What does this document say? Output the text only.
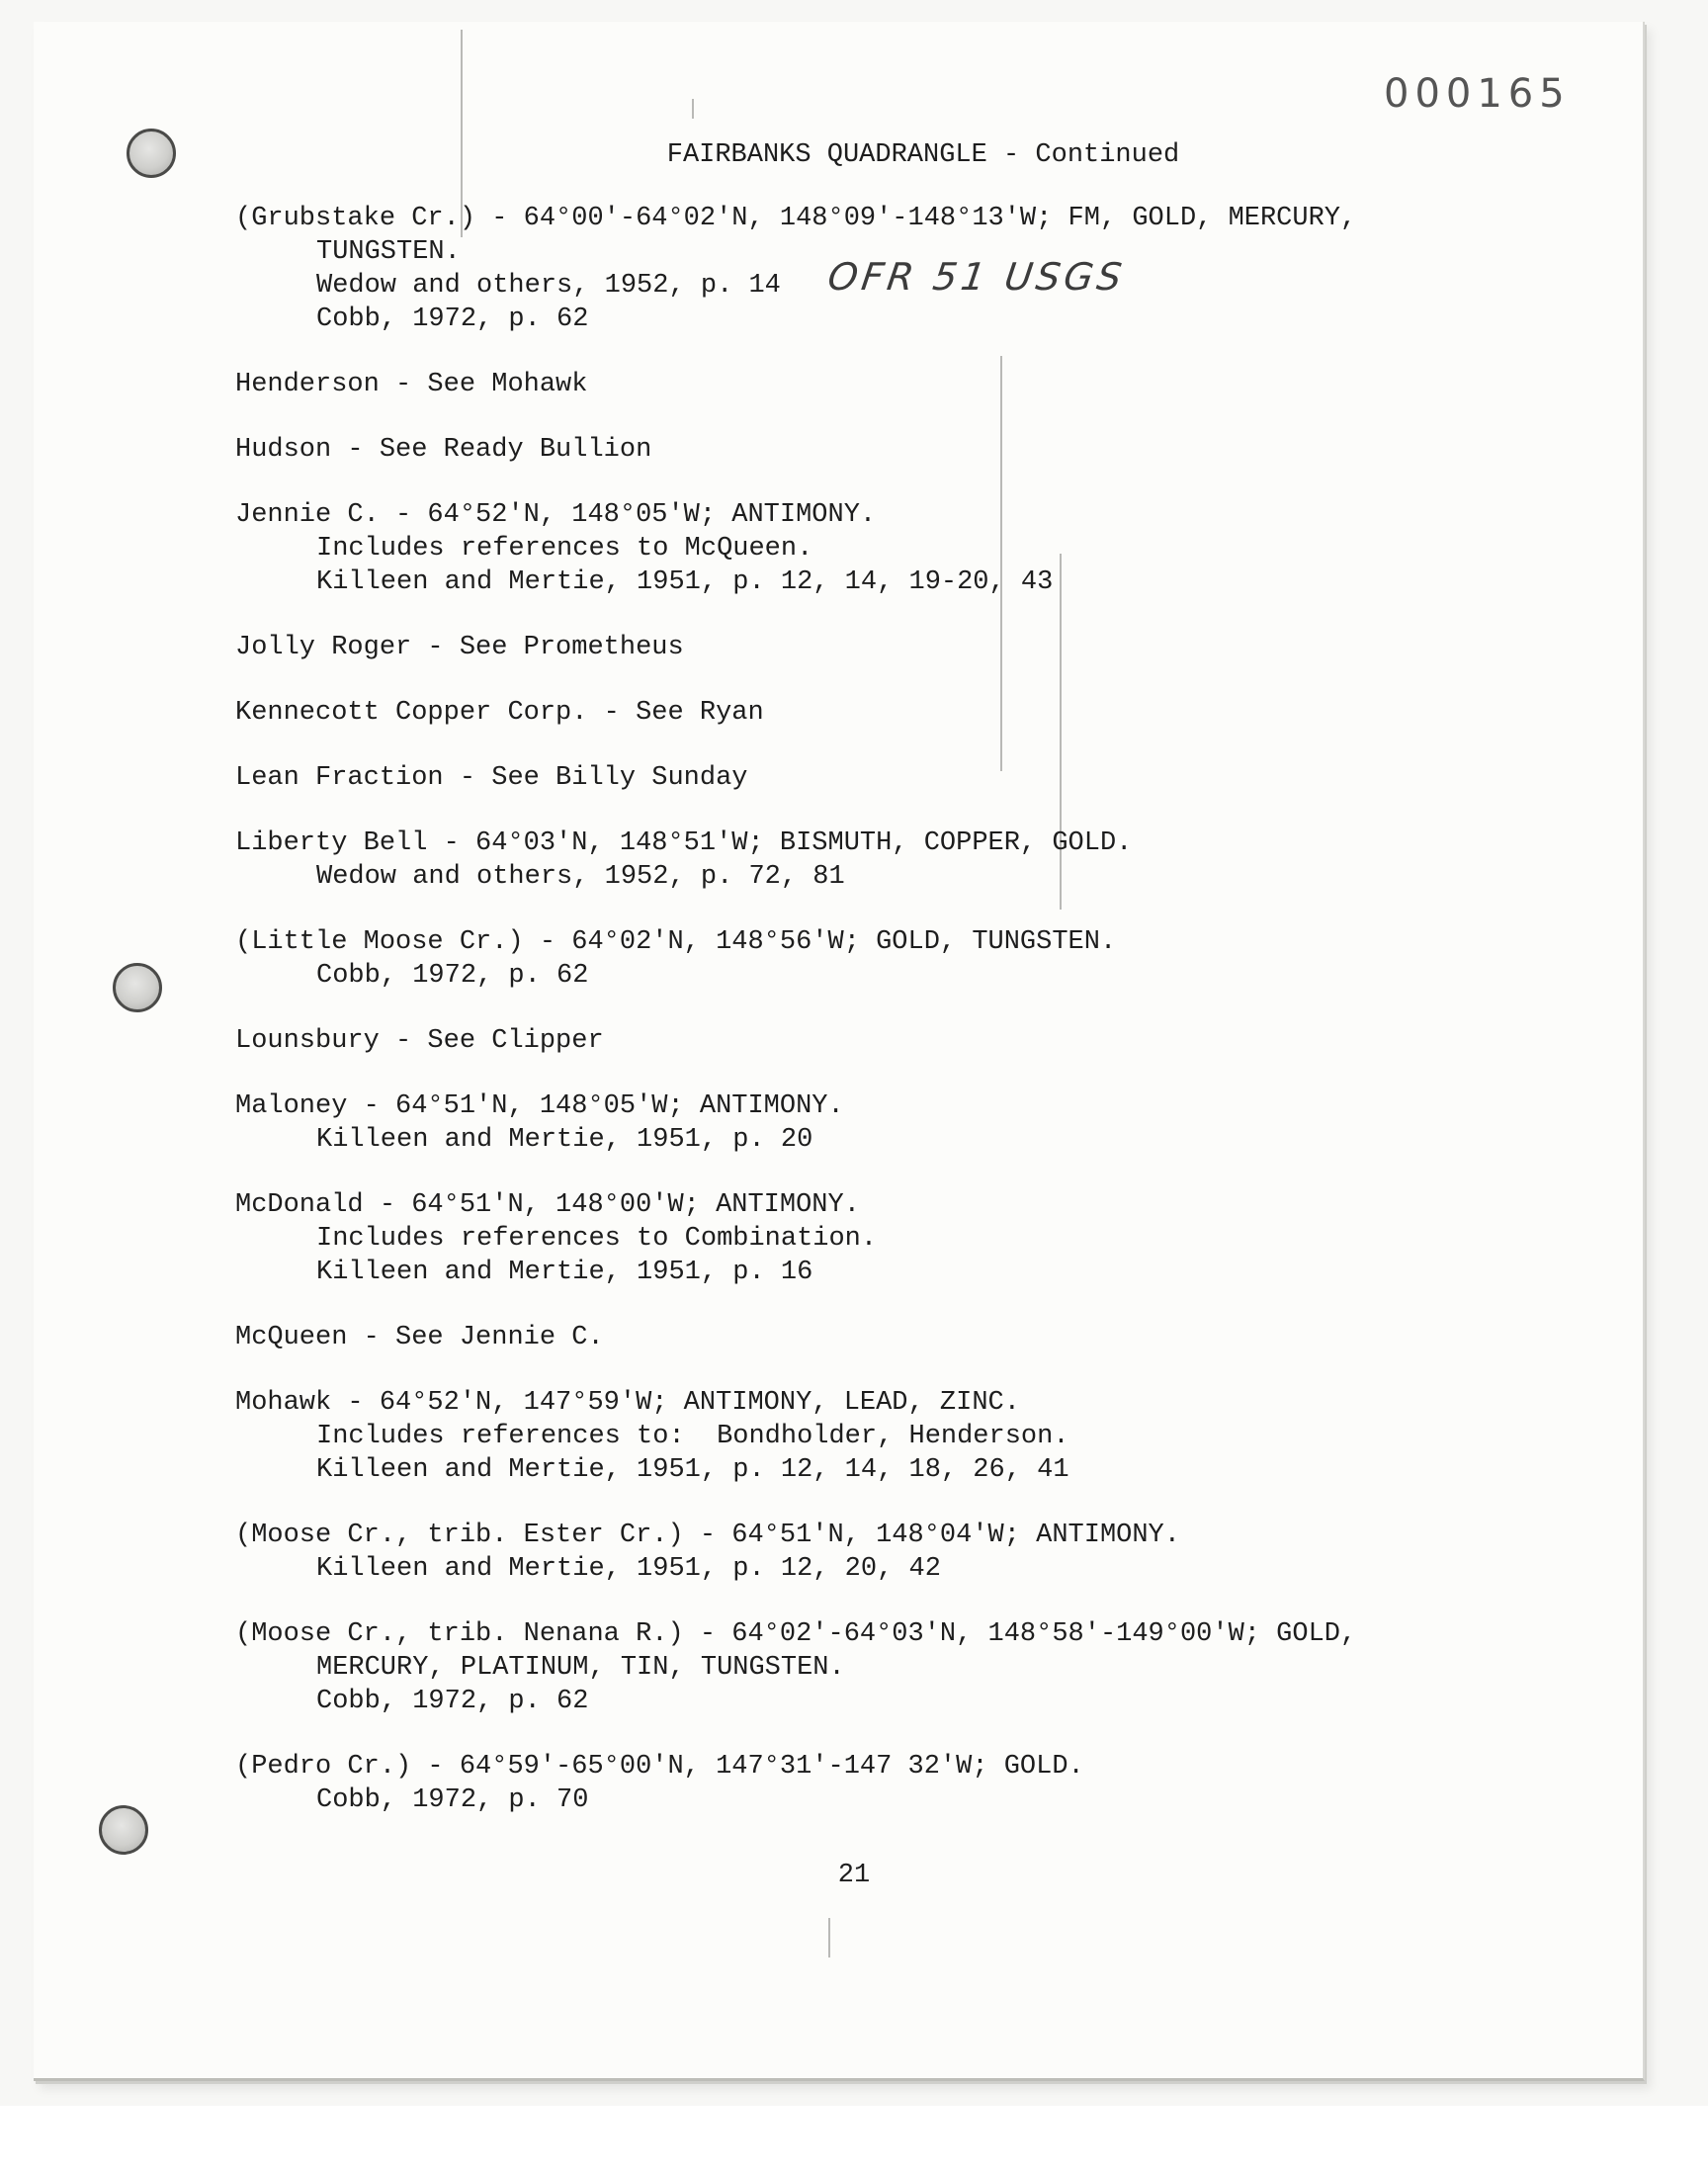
000165
FAIRBANKS QUADRANGLE - Continued
OFR 51 USGS
(Grubstake Cr.) - 64°00'-64°02'N, 148°09'-148°13'W; FM, GOLD, MERCURY,
TUNGSTEN.
Wedow and others, 1952, p. 14
Cobb, 1972, p. 62
Henderson - See Mohawk
Hudson - See Ready Bullion
Jennie C. - 64°52'N, 148°05'W; ANTIMONY.
Includes references to McQueen.
Killeen and Mertie, 1951, p. 12, 14, 19-20, 43
Jolly Roger - See Prometheus
Kennecott Copper Corp. - See Ryan
Lean Fraction - See Billy Sunday
Liberty Bell - 64°03'N, 148°51'W; BISMUTH, COPPER, GOLD.
Wedow and others, 1952, p. 72, 81
(Little Moose Cr.) - 64°02'N, 148°56'W; GOLD, TUNGSTEN.
Cobb, 1972, p. 62
Lounsbury - See Clipper
Maloney - 64°51'N, 148°05'W; ANTIMONY.
Killeen and Mertie, 1951, p. 20
McDonald - 64°51'N, 148°00'W; ANTIMONY.
Includes references to Combination.
Killeen and Mertie, 1951, p. 16
McQueen - See Jennie C.
Mohawk - 64°52'N, 147°59'W; ANTIMONY, LEAD, ZINC.
Includes references to:  Bondholder, Henderson.
Killeen and Mertie, 1951, p. 12, 14, 18, 26, 41
(Moose Cr., trib. Ester Cr.) - 64°51'N, 148°04'W; ANTIMONY.
Killeen and Mertie, 1951, p. 12, 20, 42
(Moose Cr., trib. Nenana R.) - 64°02'-64°03'N, 148°58'-149°00'W; GOLD,
MERCURY, PLATINUM, TIN, TUNGSTEN.
Cobb, 1972, p. 62
(Pedro Cr.) - 64°59'-65°00'N, 147°31'-147 32'W; GOLD.
Cobb, 1972, p. 70
21
